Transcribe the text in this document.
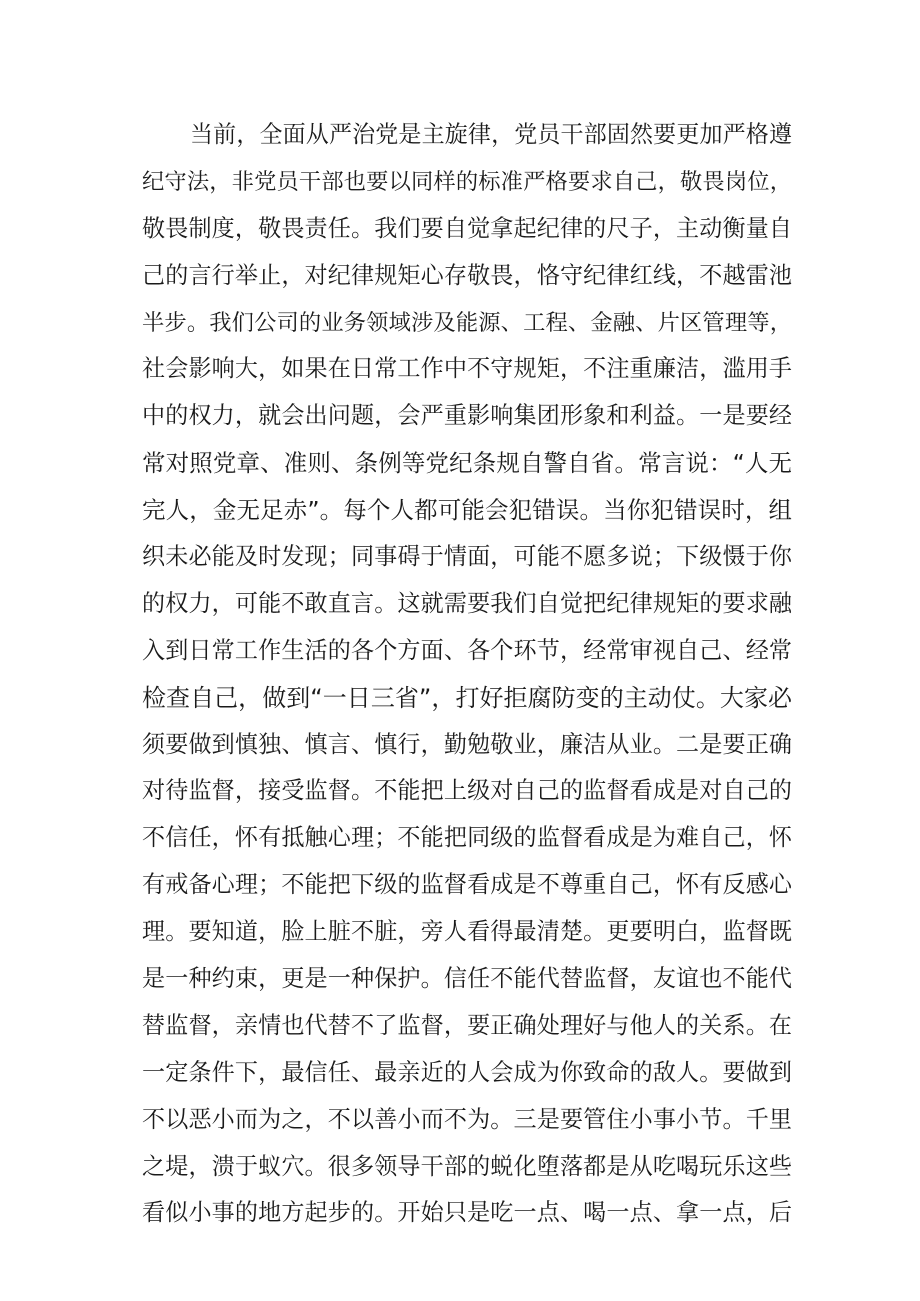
当前，全面从严治党是主旋律，党员干部固然要更加严格遵
纪守法，非党员干部也要以同样的标准严格要求自己，敬畏岗位，
敬畏制度，敬畏责任。我们要自觉拿起纪律的尺子，主动衡量自
己的言行举止，对纪律规矩心存敬畏，恪守纪律红线，不越雷池
半步。我们公司的业务领域涉及能源、工程、金融、片区管理等，
社会影响大，如果在日常工作中不守规矩，不注重廉洁，滥用手
中的权力，就会出问题，会严重影响集团形象和利益。一是要经
常对照党章、准则、条例等党纪条规自警自省。常言说：“人无
完人，金无足赤”。每个人都可能会犯错误。当你犯错误时，组
织未必能及时发现；同事碍于情面，可能不愿多说；下级慑于你
的权力，可能不敢直言。这就需要我们自觉把纪律规矩的要求融
入到日常工作生活的各个方面、各个环节，经常审视自己、经常
检查自己，做到“一日三省”，打好拒腐防变的主动仗。大家必
须要做到慎独、慎言、慎行，勤勉敬业，廉洁从业。二是要正确
对待监督，接受监督。不能把上级对自己的监督看成是对自己的
不信任，怀有抵触心理；不能把同级的监督看成是为难自己，怀
有戒备心理；不能把下级的监督看成是不尊重自己，怀有反感心
理。要知道，脸上脏不脏，旁人看得最清楚。更要明白，监督既
是一种约束，更是一种保护。信任不能代替监督，友谊也不能代
替监督，亲情也代替不了监督，要正确处理好与他人的关系。在
一定条件下，最信任、最亲近的人会成为你致命的敌人。要做到
不以恶小而为之，不以善小而不为。三是要管住小事小节。千里
之堤，溃于蚁穴。很多领导干部的蜕化堕落都是从吃喝玩乐这些
看似小事的地方起步的。开始只是吃一点、喝一点、拿一点，后
